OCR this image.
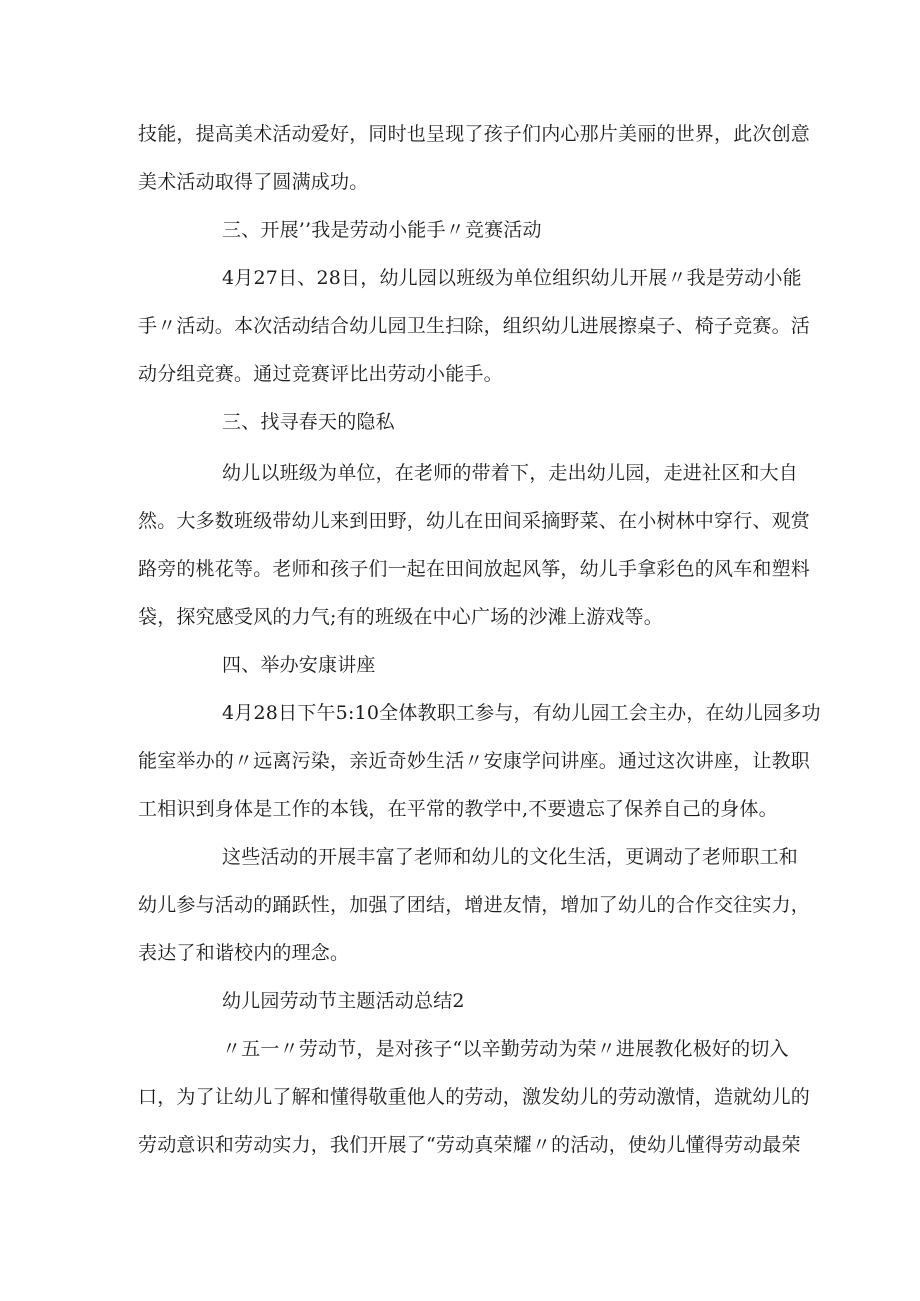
技能，提高美术活动爱好，同时也呈现了孩子们内心那片美丽的世界，此次创意
美术活动取得了圆满成功。
三、开展’’我是劳动小能手〃竞赛活动
4月27日、28日，幼儿园以班级为单位组织幼儿开展〃我是劳动小能
手〃活动。本次活动结合幼儿园卫生扫除，组织幼儿进展擦桌子、椅子竞赛。活
动分组竞赛。通过竞赛评比出劳动小能手。
三、找寻春天的隐私
幼儿以班级为单位，在老师的带着下，走出幼儿园，走进社区和大自
然。大多数班级带幼儿来到田野，幼儿在田间采摘野菜、在小树林中穿行、观赏
路旁的桃花等。老师和孩子们一起在田间放起风筝，幼儿手拿彩色的风车和塑料
袋，探究感受风的力气;有的班级在中心广场的沙滩上游戏等。
四、举办安康讲座
4月28日下午5:10全体教职工参与，有幼儿园工会主办，在幼儿园多功
能室举办的〃远离污染，亲近奇妙生活〃安康学问讲座。通过这次讲座，让教职
工相识到身体是工作的本钱，在平常的教学中,不要遗忘了保养自己的身体。
这些活动的开展丰富了老师和幼儿的文化生活，更调动了老师职工和
幼儿参与活动的踊跃性，加强了团结，增进友情，增加了幼儿的合作交往实力，
表达了和谐校内的理念。
幼儿园劳动节主题活动总结2
〃五一〃劳动节，是对孩子“以辛勤劳动为荣〃进展教化极好的切入
口，为了让幼儿了解和懂得敬重他人的劳动，激发幼儿的劳动激情，造就幼儿的
劳动意识和劳动实力，我们开展了“劳动真荣耀〃的活动，使幼儿懂得劳动最荣
